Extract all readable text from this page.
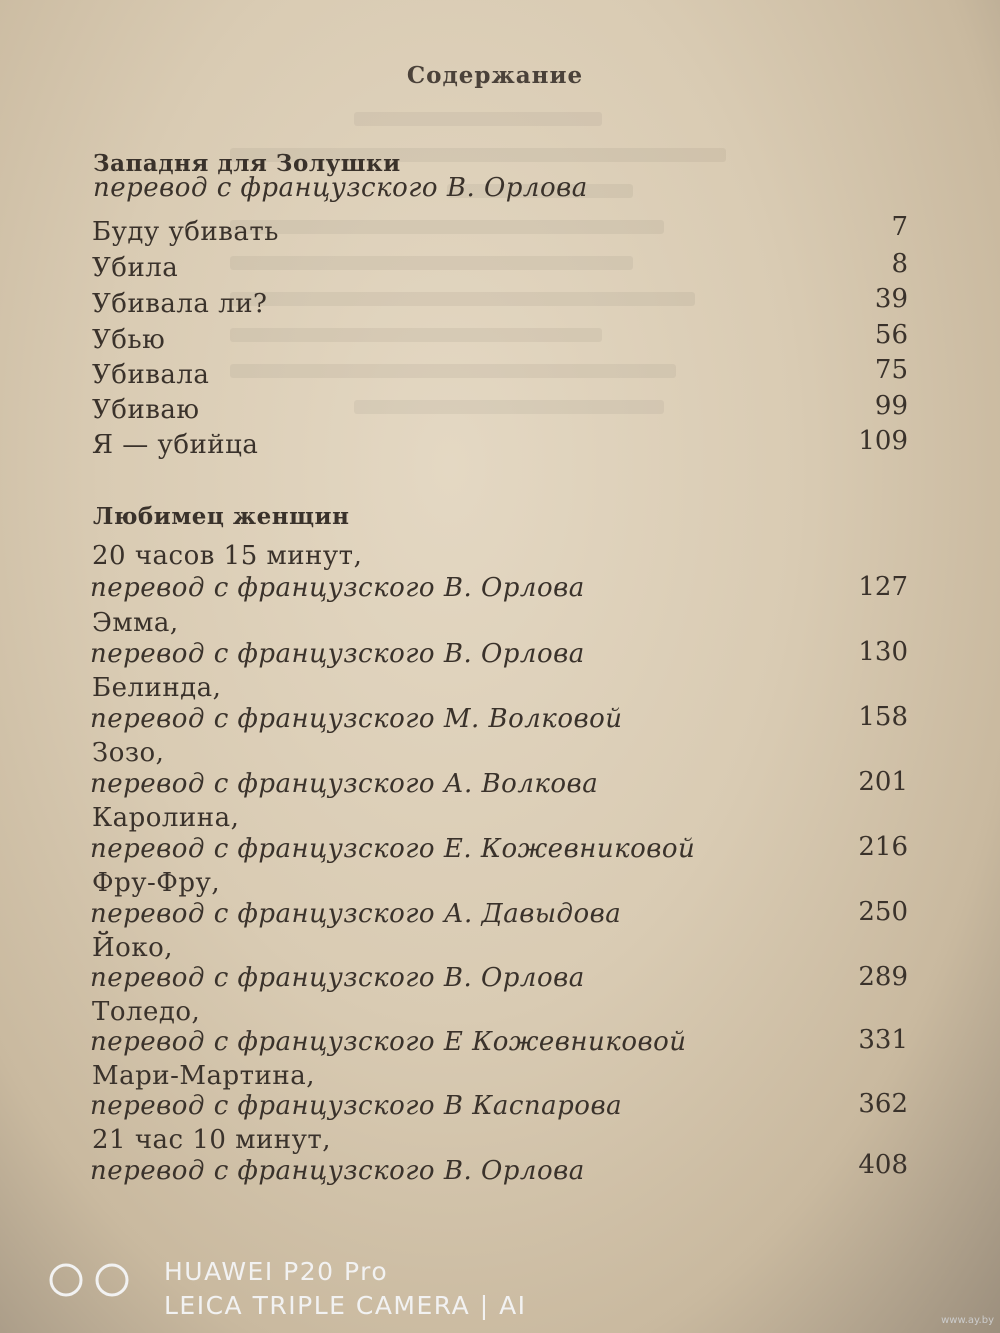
Содержание
Западня для Золушки
перевод с французского В. Орлова
Буду убивать	7
Убила	8
Убивала ли?	39
Убью	56
Убивала	75
Убиваю	99
Я — убийца	109
Любимец женщин
20 часов 15 минут,
перевод с французского В. Орлова	127
Эмма,
перевод с французского В. Орлова	130
Белинда,
перевод с французского М. Волковой	158
Зозо,
перевод с французского А. Волкова	201
Каролина,
перевод с французского Е. Кожевниковой	216
Фру-Фру,
перевод с французского А. Давыдова	250
Йоко,
перевод с французского В. Орлова	289
Толедо,
перевод с французского Е Кожевниковой	331
Мари-Мартина,
перевод с французского В Каспарова	362
21 час 10 минут,
перевод с французского В. Орлова	408
HUAWEI P20 Pro
LEICA TRIPLE CAMERA | AI
www.ay.by
